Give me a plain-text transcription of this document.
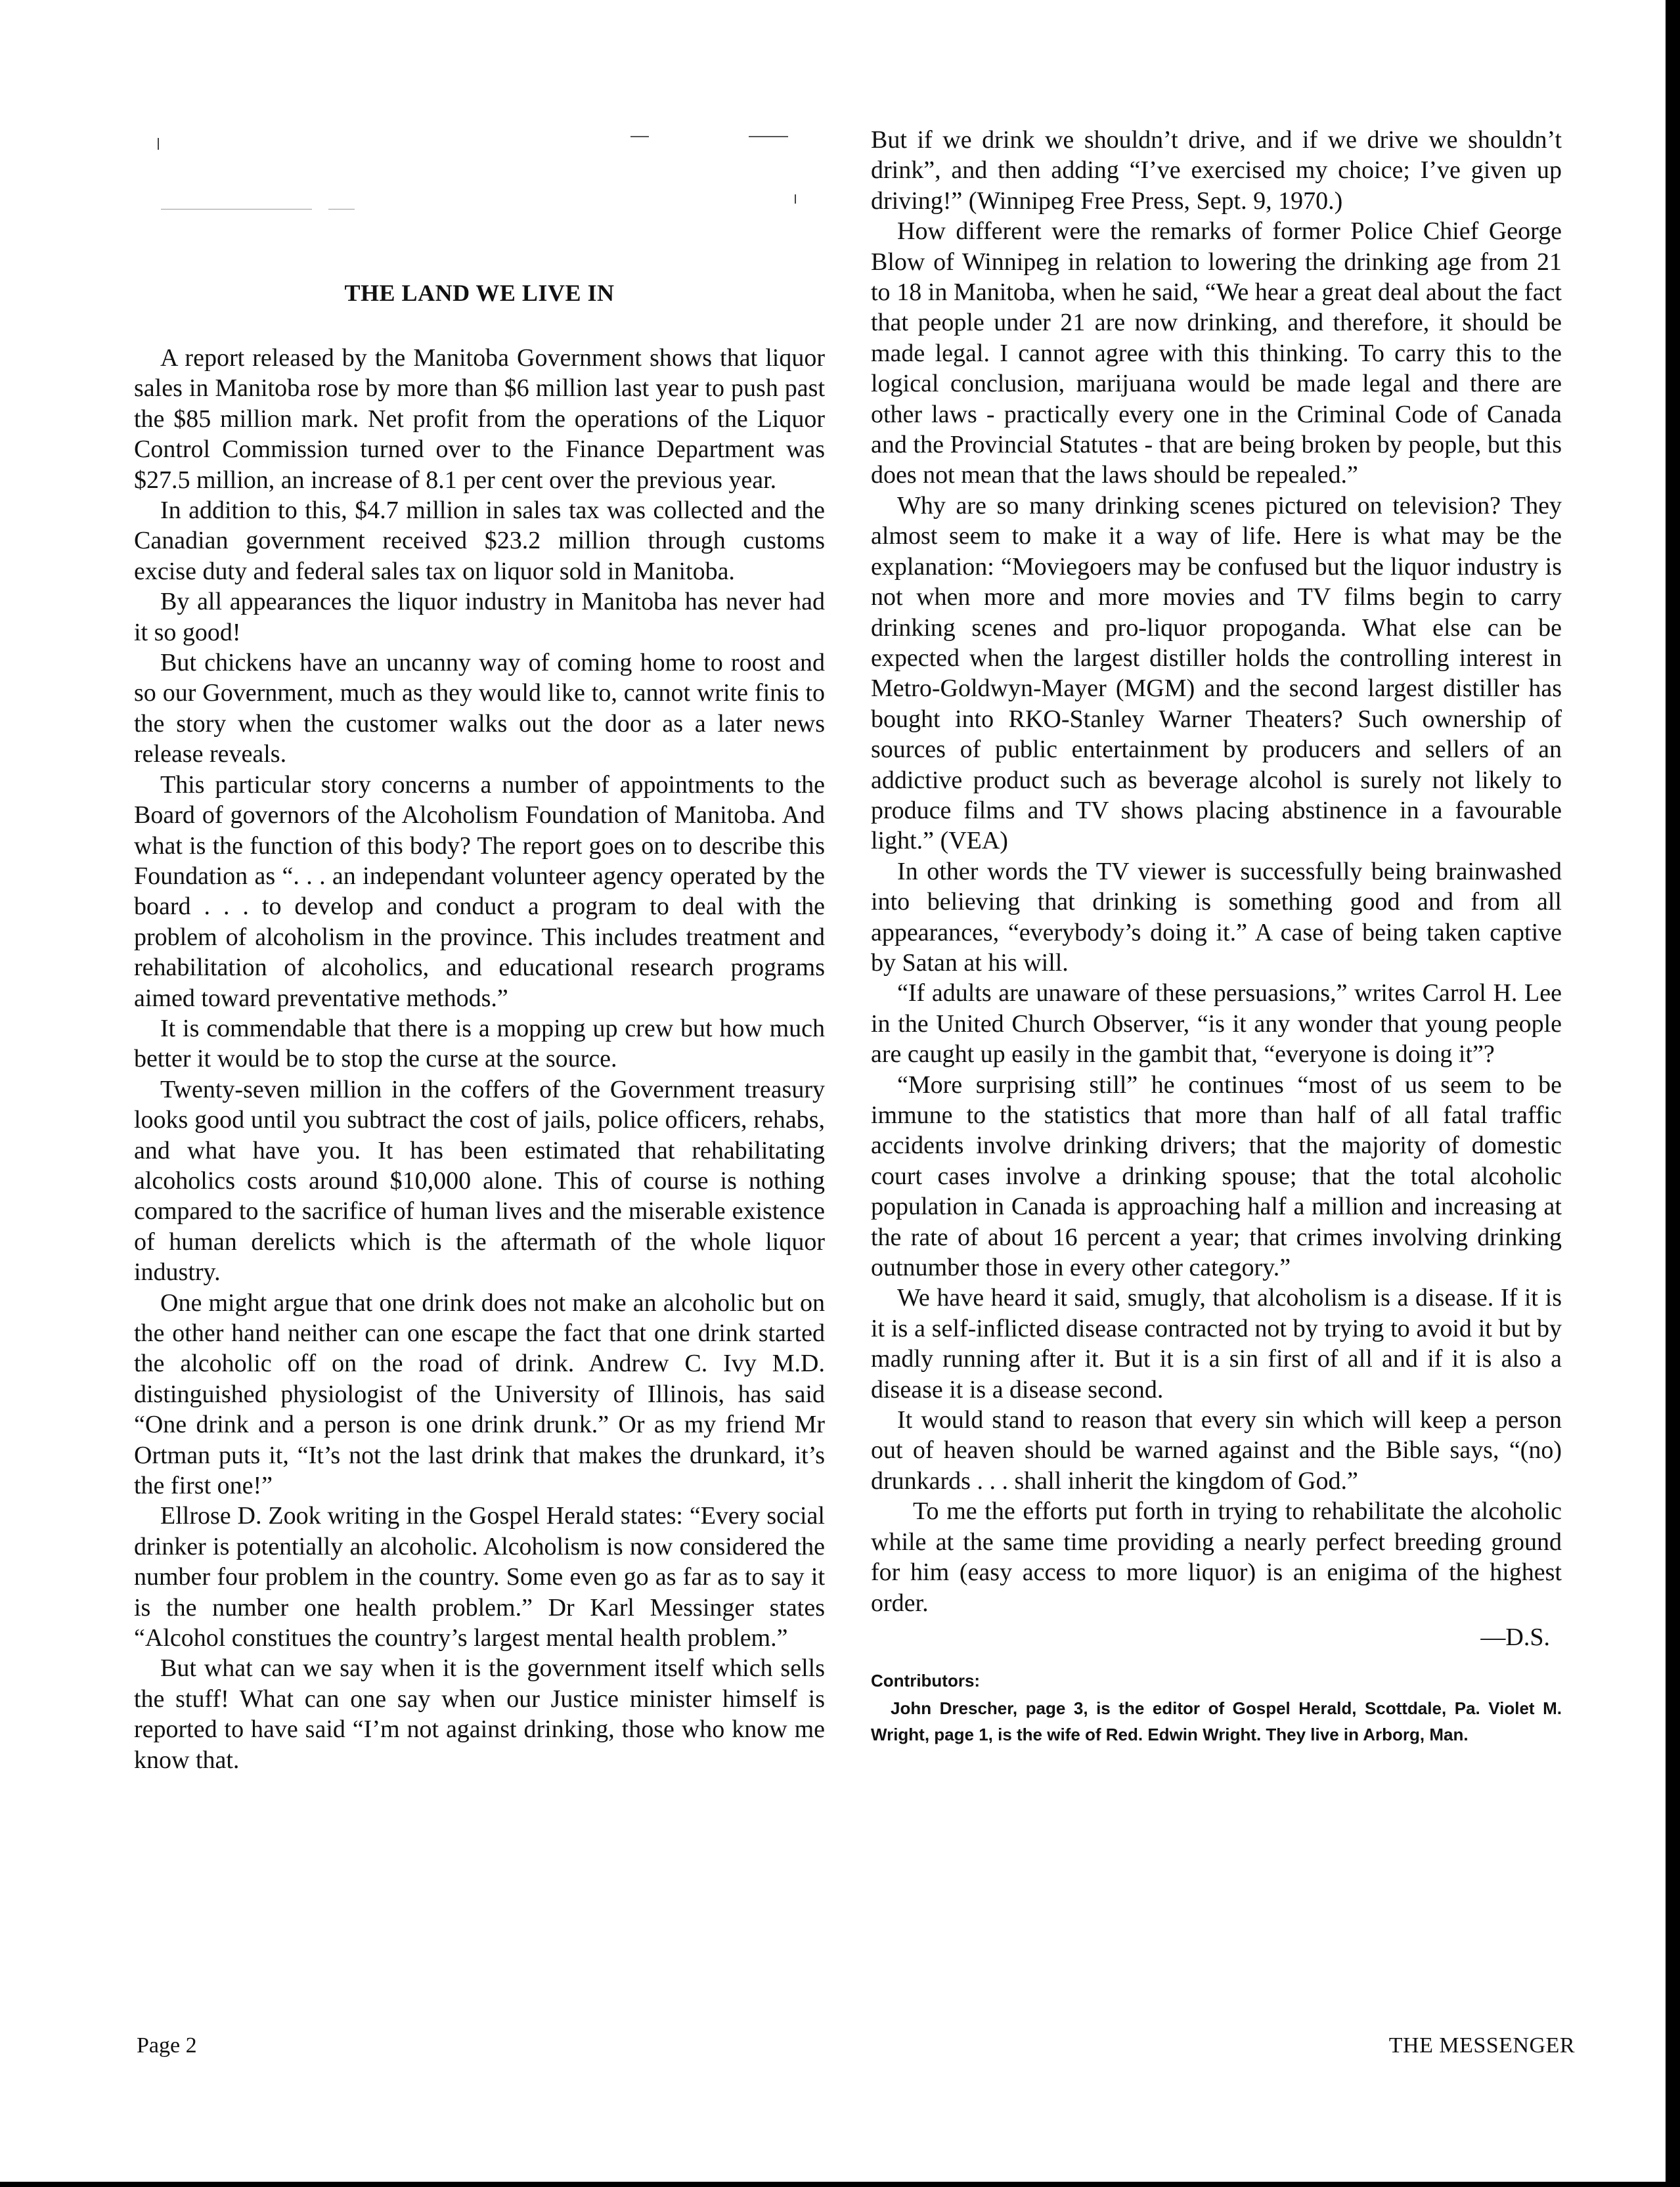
THE LAND WE LIVE IN

A report released by the Manitoba Government shows that liquor sales in Manitoba rose by more than $6 million last year to push past the $85 million mark. Net profit from the operations of the Liquor Control Commission turned over to the Finance Department was $27.5 million, an increase of 8.1 per cent over the previous year.

In addition to this, $4.7 million in sales tax was collected and the Canadian government received $23.2 million through customs excise duty and federal sales tax on liquor sold in Manitoba.

By all appearances the liquor industry in Manitoba has never had it so good!

But chickens have an uncanny way of coming home to roost and so our Government, much as they would like to, cannot write finis to the story when the customer walks out the door as a later news release reveals.

This particular story concerns a number of appointments to the Board of governors of the Alcoholism Foundation of Manitoba. And what is the function of this body? The report goes on to describe this Foundation as “. . . an independant volunteer agency operated by the board . . . to develop and conduct a program to deal with the problem of alcoholism in the province. This includes treatment and rehabilitation of alcoholics, and educational research programs aimed toward preventative methods.”

It is commendable that there is a mopping up crew but how much better it would be to stop the curse at the source.

Twenty-seven million in the coffers of the Government treasury looks good until you subtract the cost of jails, police officers, rehabs, and what have you. It has been estimated that rehabilitating alcoholics costs around $10,000 alone. This of course is nothing compared to the sacrifice of human lives and the miserable existence of human derelicts which is the aftermath of the whole liquor industry.

One might argue that one drink does not make an alcoholic but on the other hand neither can one escape the fact that one drink started the alcoholic off on the road of drink. Andrew C. Ivy M.D. distinguished physiologist of the University of Illinois, has said “One drink and a person is one drink drunk.” Or as my friend Mr Ortman puts it, “It’s not the last drink that makes the drunkard, it’s the first one!”

Ellrose D. Zook writing in the Gospel Herald states: “Every social drinker is potentially an alcoholic. Alcoholism is now considered the number four problem in the country. Some even go as far as to say it is the number one health problem.” Dr Karl Messinger states “Alcohol constitues the country’s largest mental health problem.”

But what can we say when it is the government itself which sells the stuff! What can one say when our Justice minister himself is reported to have said “I’m not against drinking, those who know me know that.

But if we drink we shouldn’t drive, and if we drive we shouldn’t drink”, and then adding “I’ve exercised my choice; I’ve given up driving!” (Winnipeg Free Press, Sept. 9, 1970.)

How different were the remarks of former Police Chief George Blow of Winnipeg in relation to lowering the drinking age from 21 to 18 in Manitoba, when he said, “We hear a great deal about the fact that people under 21 are now drinking, and therefore, it should be made legal. I cannot agree with this thinking. To carry this to the logical conclusion, marijuana would be made legal and there are other laws - practically every one in the Criminal Code of Canada and the Provincial Statutes - that are being broken by people, but this does not mean that the laws should be repealed.”

Why are so many drinking scenes pictured on television? They almost seem to make it a way of life. Here is what may be the explanation: “Moviegoers may be confused but the liquor industry is not when more and more movies and TV films begin to carry drinking scenes and pro-liquor propoganda. What else can be expected when the largest distiller holds the controlling interest in Metro-Goldwyn-Mayer (MGM) and the second largest distiller has bought into RKO-Stanley Warner Theaters? Such ownership of sources of public entertainment by producers and sellers of an addictive product such as beverage alcohol is surely not likely to produce films and TV shows placing abstinence in a favourable light.” (VEA)

In other words the TV viewer is successfully being brainwashed into believing that drinking is something good and from all appearances, “everybody’s doing it.” A case of being taken captive by Satan at his will.

“If adults are unaware of these persuasions,” writes Carrol H. Lee in the United Church Observer, “is it any wonder that young people are caught up easily in the gambit that, “everyone is doing it”?

“More surprising still” he continues “most of us seem to be immune to the statistics that more than half of all fatal traffic accidents involve drinking drivers; that the majority of domestic court cases involve a drinking spouse; that the total alcoholic population in Canada is approaching half a million and increasing at the rate of about 16 percent a year; that crimes involving drinking outnumber those in every other category.”

We have heard it said, smugly, that alcoholism is a disease. If it is it is a self-inflicted disease contracted not by trying to avoid it but by madly running after it. But it is a sin first of all and if it is also a disease it is a disease second.

It would stand to reason that every sin which will keep a person out of heaven should be warned against and the Bible says, “(no) drunkards . . . shall inherit the kingdom of God.”

To me the efforts put forth in trying to rehabilitate the alcoholic while at the same time providing a nearly perfect breeding ground for him (easy access to more liquor) is an enigima of the highest order.

—D.S.
Contributors:

John Drescher, page 3, is the editor of Gospel Herald, Scottdale, Pa. Violet M. Wright, page 1, is the wife of Red. Edwin Wright. They live in Arborg, Man.

Page 2	THE MESSENGER
